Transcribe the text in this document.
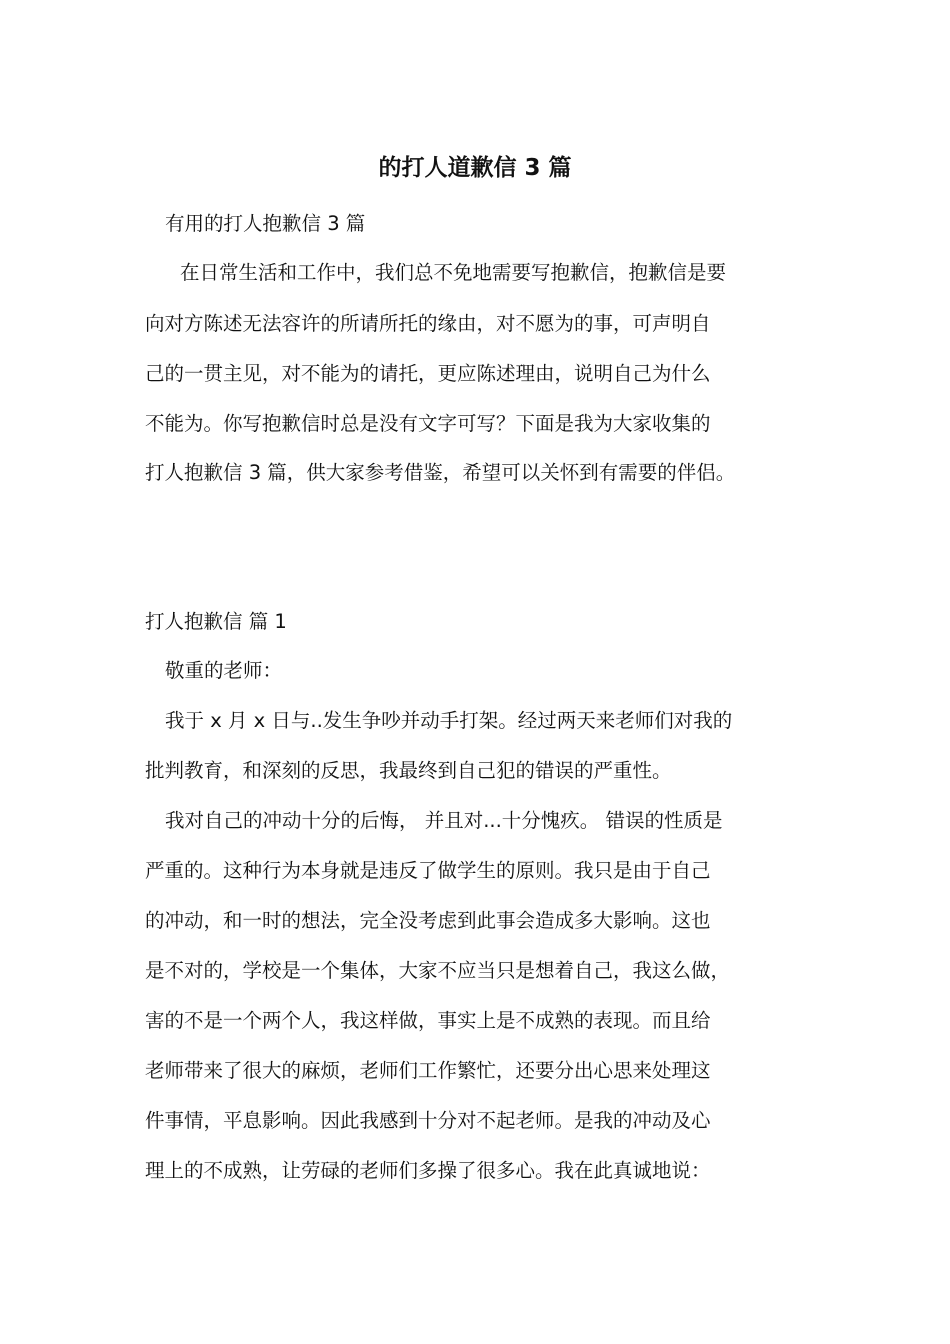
的打人道歉信 3 篇
有用的打人抱歉信 3 篇
在日常生活和工作中，我们总不免地需要写抱歉信，抱歉信是要
向对方陈述无法容许的所请所托的缘由，对不愿为的事，可声明自
己的一贯主见，对不能为的请托，更应陈述理由，说明自己为什么
不能为。你写抱歉信时总是没有文字可写？下面是我为大家收集的
打人抱歉信 3 篇，供大家参考借鉴，希望可以关怀到有需要的伴侣。
打人抱歉信 篇 1
敬重的老师：
我于 x 月 x 日与..发生争吵并动手打架。经过两天来老师们对我的
批判教育，和深刻的反思，我最终到自己犯的错误的严重性。
我对自己的冲动十分的后悔， 并且对...十分愧疚。 错误的性质是
严重的。这种行为本身就是违反了做学生的原则。我只是由于自己
的冲动，和一时的想法，完全没考虑到此事会造成多大影响。这也
是不对的，学校是一个集体，大家不应当只是想着自己，我这么做，
害的不是一个两个人，我这样做，事实上是不成熟的表现。而且给
老师带来了很大的麻烦，老师们工作繁忙，还要分出心思来处理这
件事情，平息影响。因此我感到十分对不起老师。是我的冲动及心
理上的不成熟，让劳碌的老师们多操了很多心。我在此真诚地说：
